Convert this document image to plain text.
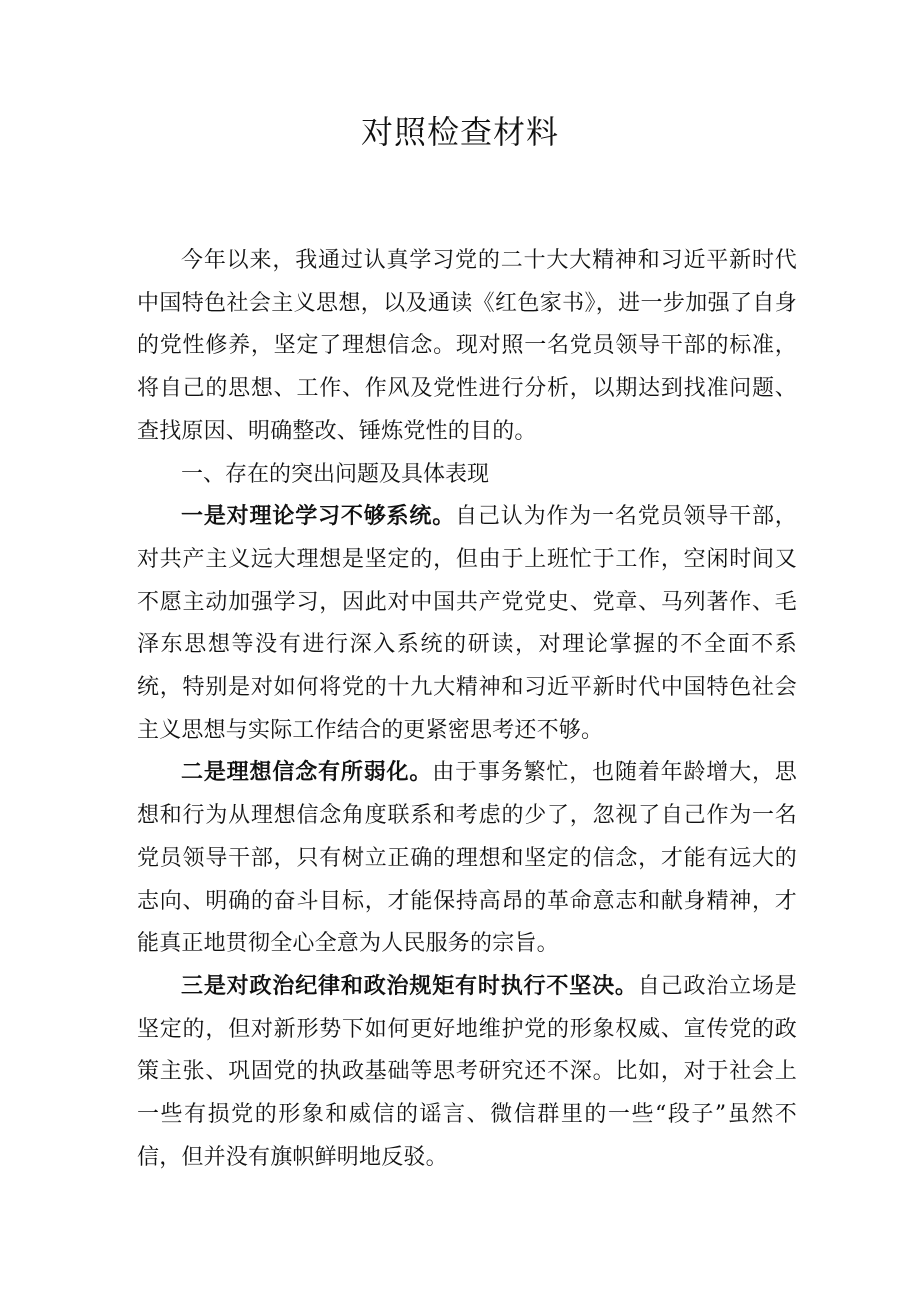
对照检查材料

今年以来，我通过认真学习党的二十大大精神和习近平新时代中国特色社会主义思想，以及通读《红色家书》，进一步加强了自身的党性修养，坚定了理想信念。现对照一名党员领导干部的标准，将自己的思想、工作、作风及党性进行分析，以期达到找准问题、查找原因、明确整改、锤炼党性的目的。

一、存在的突出问题及具体表现

一是对理论学习不够系统。自己认为作为一名党员领导干部，对共产主义远大理想是坚定的，但由于上班忙于工作，空闲时间又不愿主动加强学习，因此对中国共产党党史、党章、马列著作、毛泽东思想等没有进行深入系统的研读，对理论掌握的不全面不系统，特别是对如何将党的十九大精神和习近平新时代中国特色社会主义思想与实际工作结合的更紧密思考还不够。

二是理想信念有所弱化。由于事务繁忙，也随着年龄增大，思想和行为从理想信念角度联系和考虑的少了，忽视了自己作为一名党员领导干部，只有树立正确的理想和坚定的信念，才能有远大的志向、明确的奋斗目标，才能保持高昂的革命意志和献身精神，才能真正地贯彻全心全意为人民服务的宗旨。

三是对政治纪律和政治规矩有时执行不坚决。自己政治立场是坚定的，但对新形势下如何更好地维护党的形象权威、宣传党的政策主张、巩固党的执政基础等思考研究还不深。比如，对于社会上一些有损党的形象和威信的谣言、微信群里的一些“段子”虽然不信，但并没有旗帜鲜明地反驳。
